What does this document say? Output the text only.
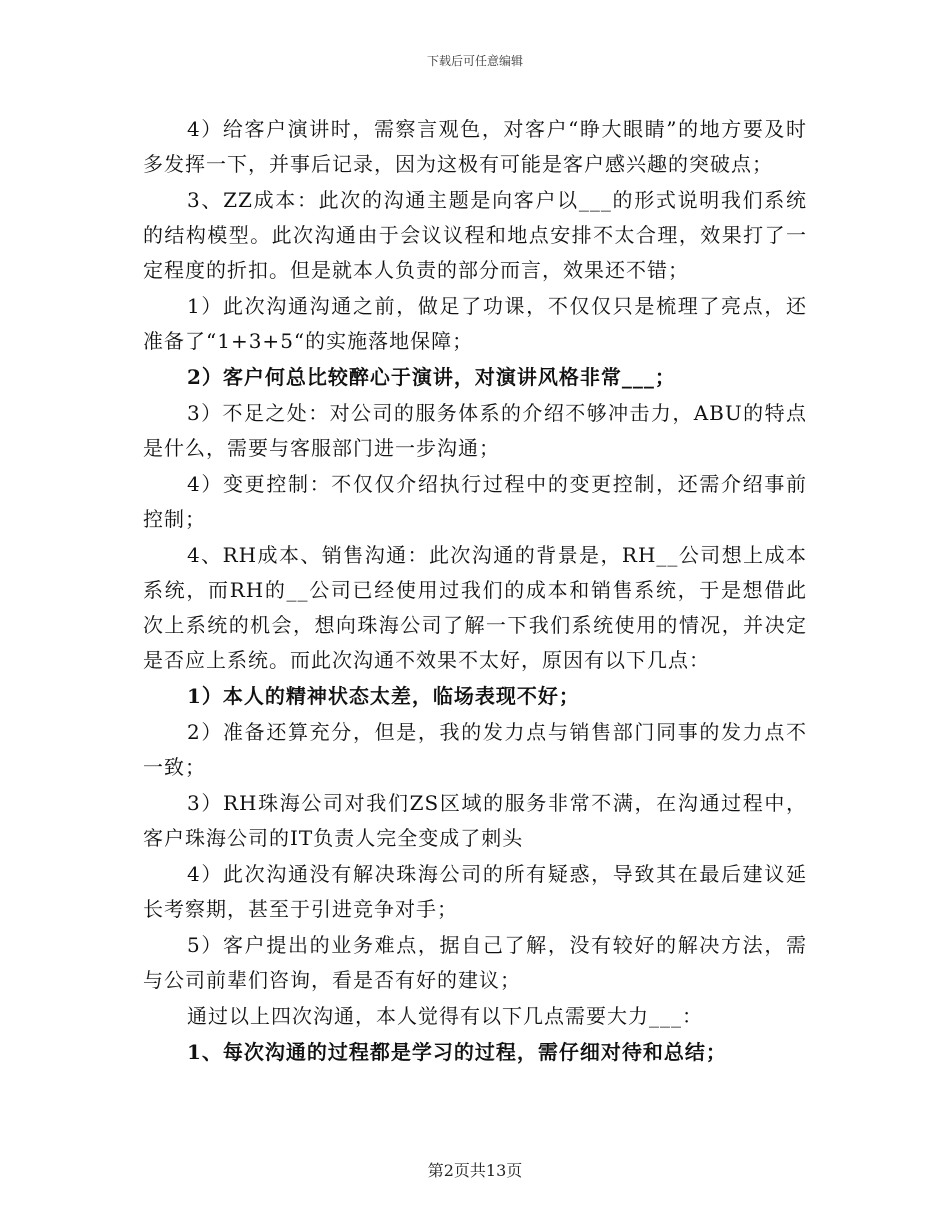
下载后可任意编辑

4）给客户演讲时，需察言观色，对客户“睁大眼睛”的地方要及时多发挥一下，并事后记录，因为这极有可能是客户感兴趣的突破点；

3、ZZ成本：此次的沟通主题是向客户以___的形式说明我们系统的结构模型。此次沟通由于会议议程和地点安排不太合理，效果打了一定程度的折扣。但是就本人负责的部分而言，效果还不错；

1）此次沟通沟通之前，做足了功课，不仅仅只是梳理了亮点，还准备了“1+3+5“的实施落地保障；

2）客户何总比较醉心于演讲，对演讲风格非常___；

3）不足之处：对公司的服务体系的介绍不够冲击力，ABU的特点是什么，需要与客服部门进一步沟通；

4）变更控制：不仅仅介绍执行过程中的变更控制，还需介绍事前控制；

4、RH成本、销售沟通：此次沟通的背景是，RH__公司想上成本系统，而RH的__公司已经使用过我们的成本和销售系统，于是想借此次上系统的机会，想向珠海公司了解一下我们系统使用的情况，并决定是否应上系统。而此次沟通不效果不太好，原因有以下几点：

1）本人的精神状态太差，临场表现不好；

2）准备还算充分，但是，我的发力点与销售部门同事的发力点不一致；

3）RH珠海公司对我们ZS区域的服务非常不满，在沟通过程中，客户珠海公司的IT负责人完全变成了刺头

4）此次沟通没有解决珠海公司的所有疑惑，导致其在最后建议延长考察期，甚至于引进竞争对手；

5）客户提出的业务难点，据自己了解，没有较好的解决方法，需与公司前辈们咨询，看是否有好的建议；

通过以上四次沟通，本人觉得有以下几点需要大力___：

1、每次沟通的过程都是学习的过程，需仔细对待和总结；

第2页共13页
